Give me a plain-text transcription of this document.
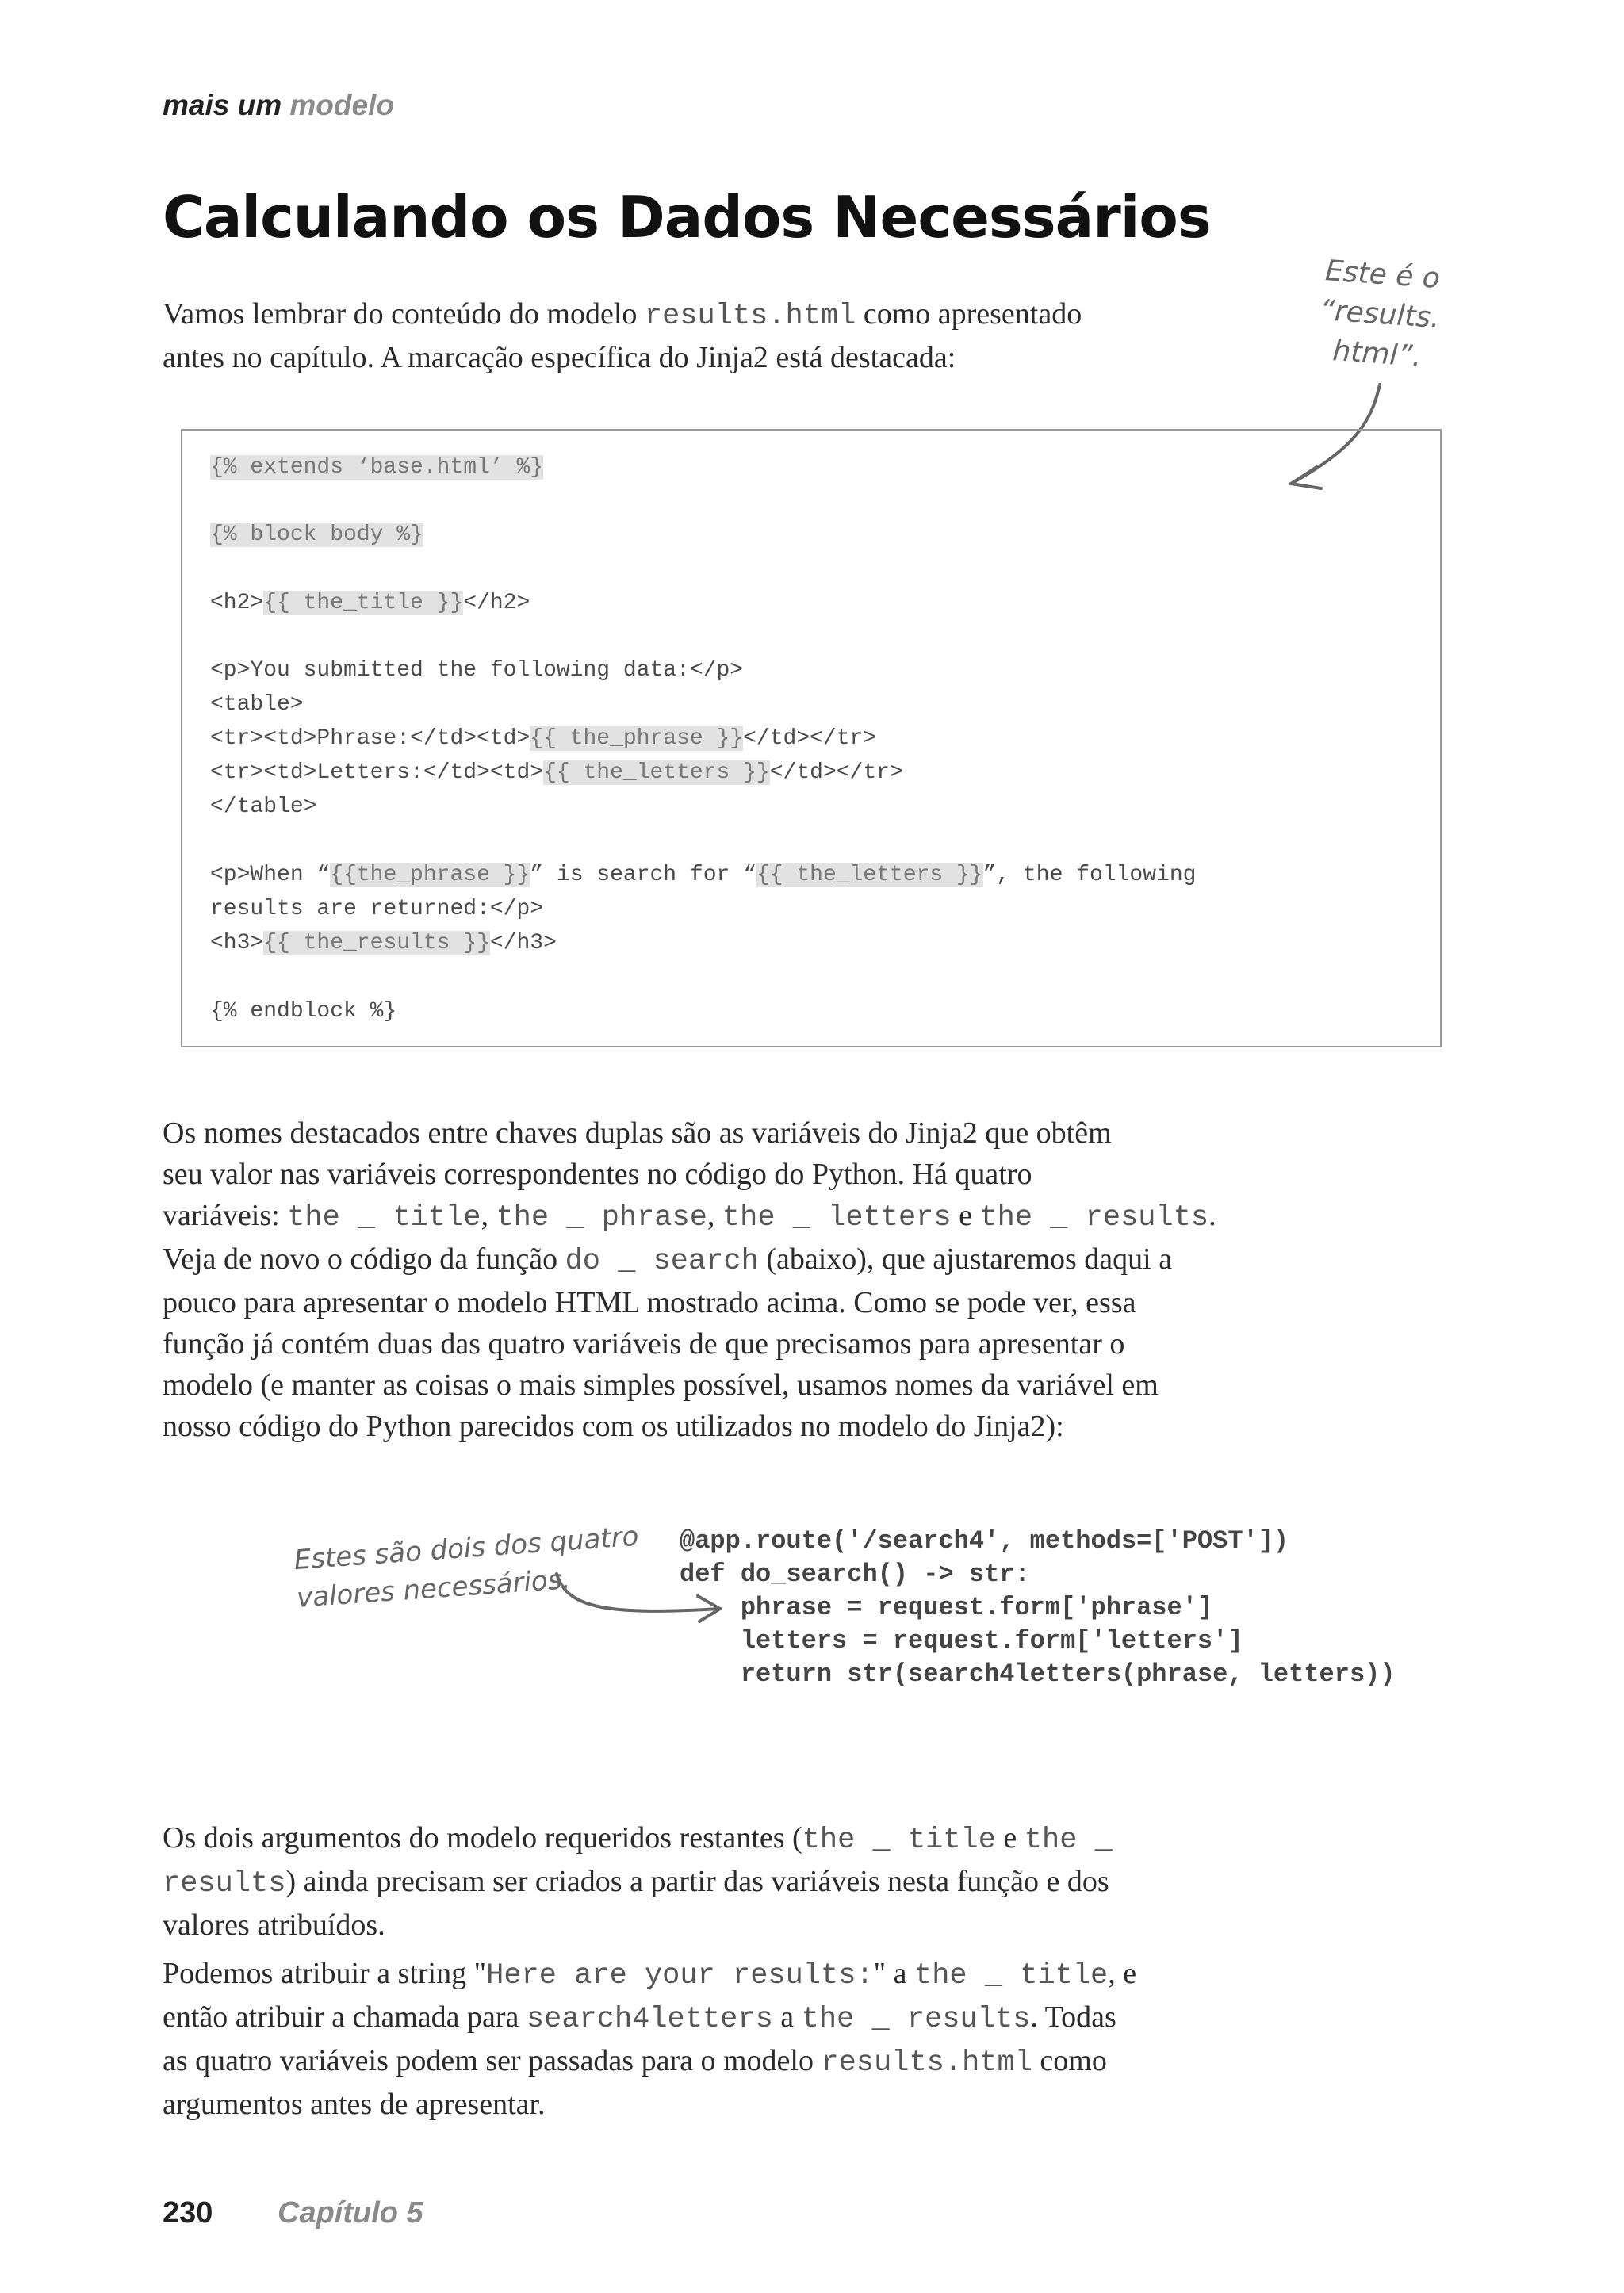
mais um modelo
Calculando os Dados Necessários
Vamos lembrar do conteúdo do modelo results.html como apresentado
antes no capítulo. A marcação específica do Jinja2 está destacada:
Este é o
“results.
html”.
{% extends ‘base.html’ %}
{% block body %}
<h2>{{ the_title }}</h2>
<p>You submitted the following data:</p>
<table>
<tr><td>Phrase:</td><td>{{ the_phrase }}</td></tr>
<tr><td>Letters:</td><td>{{ the_letters }}</td></tr>
</table>
<p>When “{{the_phrase }}” is search for “{{ the_letters }}”, the following
results are returned:</p>
<h3>{{ the_results }}</h3>
{% endblock %}
Os nomes destacados entre chaves duplas são as variáveis do Jinja2 que obtêm
seu valor nas variáveis correspondentes no código do Python. Há quatro
variáveis: the _ title, the _ phrase, the _ letters e the _ results.
Veja de novo o código da função do _ search (abaixo), que ajustaremos daqui a
pouco para apresentar o modelo HTML mostrado acima. Como se pode ver, essa
função já contém duas das quatro variáveis de que precisamos para apresentar o
modelo (e manter as coisas o mais simples possível, usamos nomes da variável em
nosso código do Python parecidos com os utilizados no modelo do Jinja2):
Estes são dois dos quatro
valores necessários.
@app.route('/search4', methods=['POST'])
def do_search() -> str:
phrase = request.form['phrase']
letters = request.form['letters']
return str(search4letters(phrase, letters))
Os dois argumentos do modelo requeridos restantes (the _ title e the _
results) ainda precisam ser criados a partir das variáveis nesta função e dos
valores atribuídos.
Podemos atribuir a string "Here are your results:" a the _ title, e
então atribuir a chamada para search4letters a the _ results. Todas
as quatro variáveis podem ser passadas para o modelo results.html como
argumentos antes de apresentar.
230 Capítulo 5
